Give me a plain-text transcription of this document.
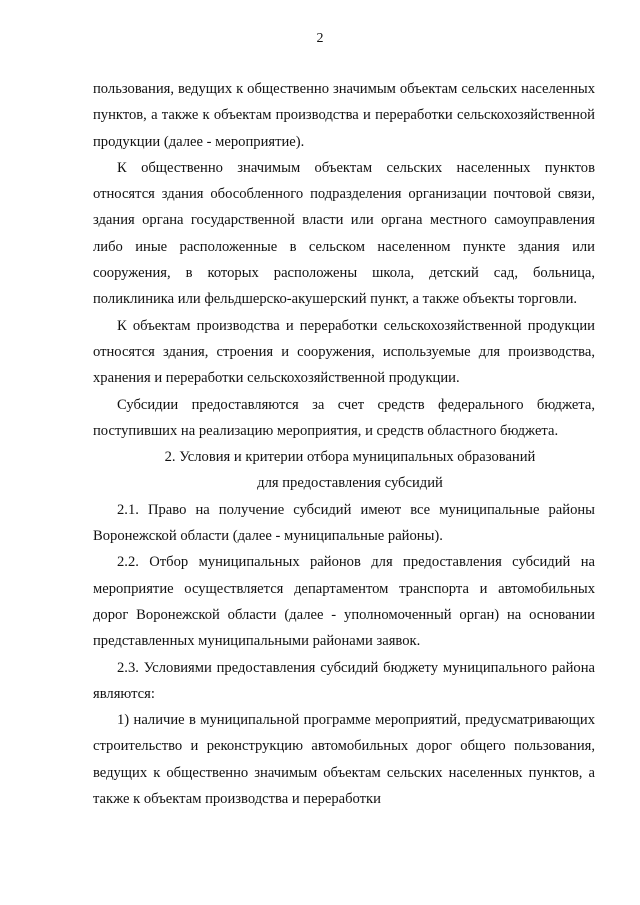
2

пользования, ведущих к общественно значимым объектам сельских населенных пунктов, а также к объектам производства и переработки сельскохозяйственной продукции (далее - мероприятие).

К общественно значимым объектам сельских населенных пунктов относятся здания обособленного подразделения организации почтовой связи, здания органа государственной власти или органа местного самоуправления либо иные расположенные в сельском населенном пункте здания или сооружения, в которых расположены школа, детский сад, больница, поликлиника или фельдшерско-акушерский пункт, а также объекты торговли.

К объектам производства и переработки сельскохозяйственной продукции относятся здания, строения и сооружения, используемые для производства, хранения и переработки сельскохозяйственной продукции.

Субсидии предоставляются за счет средств федерального бюджета, поступивших на реализацию мероприятия, и средств областного бюджета.

2. Условия и критерии отбора муниципальных образований
для предоставления субсидий

2.1. Право на получение субсидий имеют все муниципальные районы Воронежской области (далее - муниципальные районы).

2.2. Отбор муниципальных районов для предоставления субсидий на мероприятие осуществляется департаментом транспорта и автомобильных дорог Воронежской области (далее - уполномоченный орган) на основании представленных муниципальными районами заявок.

2.3. Условиями предоставления субсидий бюджету муниципального района являются:

1) наличие в муниципальной программе мероприятий, предусматривающих строительство и реконструкцию автомобильных дорог общего пользования, ведущих к общественно значимым объектам сельских населенных пунктов, а также к объектам производства и переработки
